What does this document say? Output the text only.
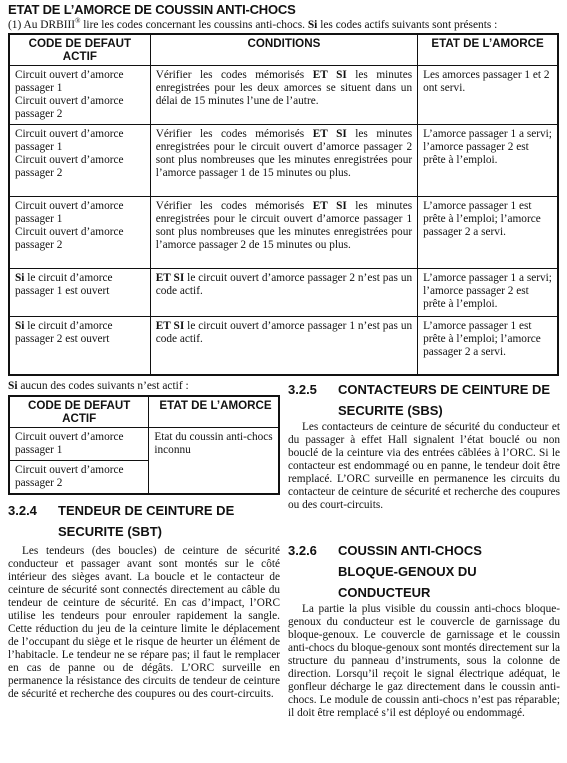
ETAT DE L’AMORCE DE COUSSIN ANTI-CHOCS
(1) Au DRBIII® lire les codes concernant les coussins anti-chocs. Si les codes actifs suivants sont présents :
CODE DE DEFAUT ACTIF	CONDITIONS	ETAT DE L’AMORCE

Circuit ouvert d’amorce passager 1
Circuit ouvert d’amorce passager 2	Vérifier les codes mémorisés ET SI les minutes enregistrées pour les deux amorces se situent dans un délai de 15 minutes l’une de l’autre.	Les amorces passager 1 et 2 ont servi.

Circuit ouvert d’amorce passager 1
Circuit ouvert d’amorce passager 2	Vérifier les codes mémorisés ET SI les minutes enregistrées pour le circuit ouvert d’amorce passager 2 sont plus nombreuses que les minutes enregistrées pour l’amorce passager 1 de 15 minutes ou plus.	L’amorce passager 1 a servi; l’amorce passager 2 est prête à l’emploi.

Circuit ouvert d’amorce passager 1
Circuit ouvert d’amorce passager 2	Vérifier les codes mémorisés ET SI les minutes enregistrées pour le circuit ouvert d’amorce passager 1 sont plus nombreuses que les minutes enregistrées pour l’amorce passager 2 de 15 minutes ou plus.	L’amorce passager 1 est prête à l’emploi; l’amorce passager 2 a servi.
Si le circuit d’amorce passager 1 est ouvert	ET SI le circuit ouvert d’amorce passager 2 n’est pas un code actif.	L’amorce passager 1 a servi; l’amorce passager 2 est prête à l’emploi.
Si le circuit d’amorce passager 2 est ouvert	ET SI le circuit ouvert d’amorce passager 1 n’est pas un code actif.	L’amorce passager 1 est prête à l’emploi; l’amorce passager 2 a servi.
Si aucun des codes suivants n’est actif :
CODE DE DEFAUT ACTIF	ETAT DE L’AMORCE
Circuit ouvert d’amorce passager 1	Etat du coussin anti-chocs inconnu
Circuit ouvert d’amorce passager 2	
3.2.4 TENDEUR DE CEINTURE DE
SECURITE (SBT)

Les tendeurs (des boucles) de ceinture de sécurité conducteur et passager avant sont montés sur le côté intérieur des sièges avant. La boucle et le contacteur de ceinture de sécurité sont connectés directement au câble du tendeur de ceinture de sécurité. En cas d’impact, l’ORC utilise les tendeurs pour enrouler rapidement la sangle. Cette réduction du jeu de la ceinture limite le déplacement de l’occupant du siège et le risque de heurter un élément de l’habitacle. Le tendeur ne se répare pas; il faut le remplacer en cas de panne ou de dégâts. L’ORC surveille en permanence la résistance des circuits de tendeur de ceinture de sécurité et recherche des coupures ou des court-circuits.

3.2.5 CONTACTEURS DE CEINTURE DE
SECURITE (SBS)

Les contacteurs de ceinture de sécurité du conducteur et du passager à effet Hall signalent l’état bouclé ou non bouclé de la ceinture via des entrées câblées à l’ORC. Si le contacteur est endommagé ou en panne, le tendeur doit être remplacé. L’ORC surveille en permanence les circuits du contacteur de ceinture de sécurité et recherche des coupures ou des court-circuits.

3.2.6 COUSSIN ANTI-CHOCS
BLOQUE-GENOUX DU
CONDUCTEUR

La partie la plus visible du coussin anti-chocs bloque-genoux du conducteur est le couvercle de garnissage du bloque-genoux. Le couvercle de garnissage et le coussin anti-chocs du bloque-genoux sont montés directement sur la structure du panneau d’instruments, sous la colonne de direction. Lorsqu’il reçoit le signal électrique adéquat, le gonfleur décharge le gaz directement dans le coussin anti-chocs. Le module de coussin anti-chocs n’est pas réparable; il doit être remplacé s’il est déployé ou endommagé.
